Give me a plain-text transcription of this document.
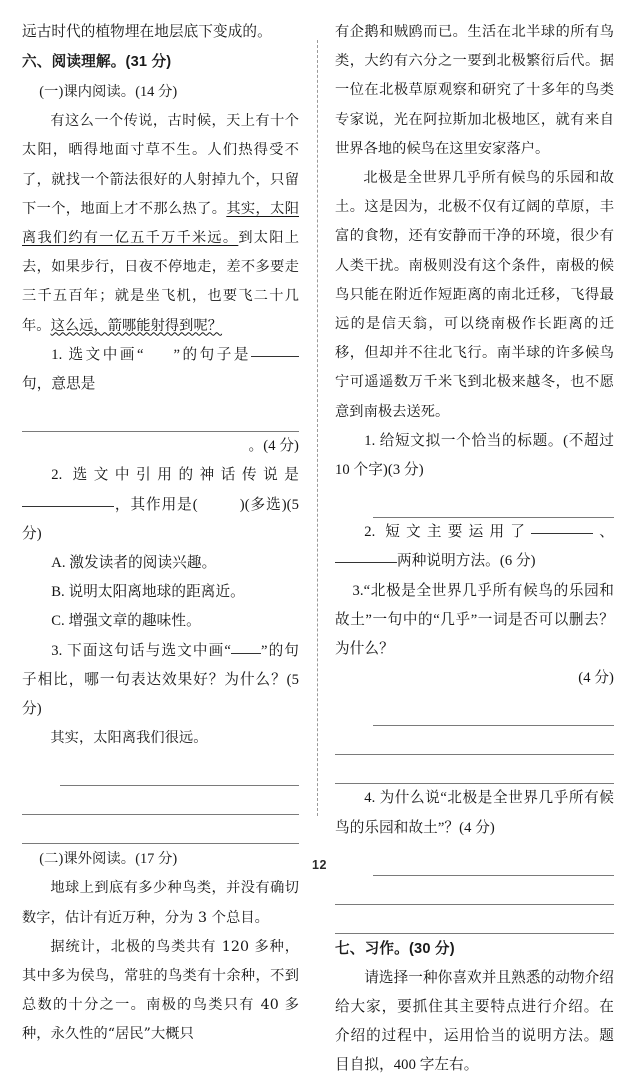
远古时代的植物埋在地层底下变成的。

六、阅读理解。(31 分)

(一)课内阅读。(14 分)

有这么一个传说，古时候，天上有十个太阳，晒得地面寸草不生。人们热得受不了，就找一个箭法很好的人射掉九个，只留下一个，地面上才不那么热了。其实，太阳离我们约有一亿五千万千米远。到太阳上去，如果步行，日夜不停地走，差不多要走三千五百年；就是坐飞机，也要飞二十几年。这么远，箭哪能射得到呢？

1. 选文中画“ ”的句子是句，意思是

。(4 分)

2. 选文中引用的神话传说是，其作用是(	)(多选)(5 分)

A. 激发读者的阅读兴趣。

B. 说明太阳离地球的距离近。

C. 增强文章的趣味性。

3. 下面这句话与选文中画“ ”的句子相比，哪一句表达效果好？为什么？(5 分)

其实，太阳离我们很远。

(二)课外阅读。(17 分)

地球上到底有多少种鸟类，并没有确切数字，估计有近万种，分为 3 个总目。

据统计，北极的鸟类共有 120 多种，其中多为侯鸟，常驻的鸟类有十余种，不到总数的十分之一。南极的鸟类只有 40 多种，永久性的“居民”大概只

有企鹅和贼鸥而已。生活在北半球的所有鸟类，大约有六分之一要到北极繁衍后代。据一位在北极草原观察和研究了十多年的鸟类专家说，光在阿拉斯加北极地区，就有来自世界各地的候鸟在这里安家落户。

北极是全世界几乎所有候鸟的乐园和故土。这是因为，北极不仅有辽阔的草原，丰富的食物，还有安静而干净的环境，很少有人类干扰。南极则没有这个条件，南极的候鸟只能在附近作短距离的南北迁移，飞得最远的是信天翁，可以绕南极作长距离的迁移，但却并不往北飞行。南半球的许多候鸟宁可遥遥数万千米飞到北极来越冬，也不愿意到南极去送死。

1. 给短文拟一个恰当的标题。(不超过 10 个字)(3 分)

2. 短文主要运用了	、两种说明方法。(6 分)

3.“北极是全世界几乎所有候鸟的乐园和故土”一句中的“几乎”一词是否可以删去？为什么？

(4 分)

4. 为什么说“北极是全世界几乎所有候鸟的乐园和故土”？(4 分)

七、习作。(30 分)

请选择一种你喜欢并且熟悉的动物介绍给大家，要抓住其主要特点进行介绍。在介绍的过程中，运用恰当的说明方法。题目自拟，400 字左右。

12
